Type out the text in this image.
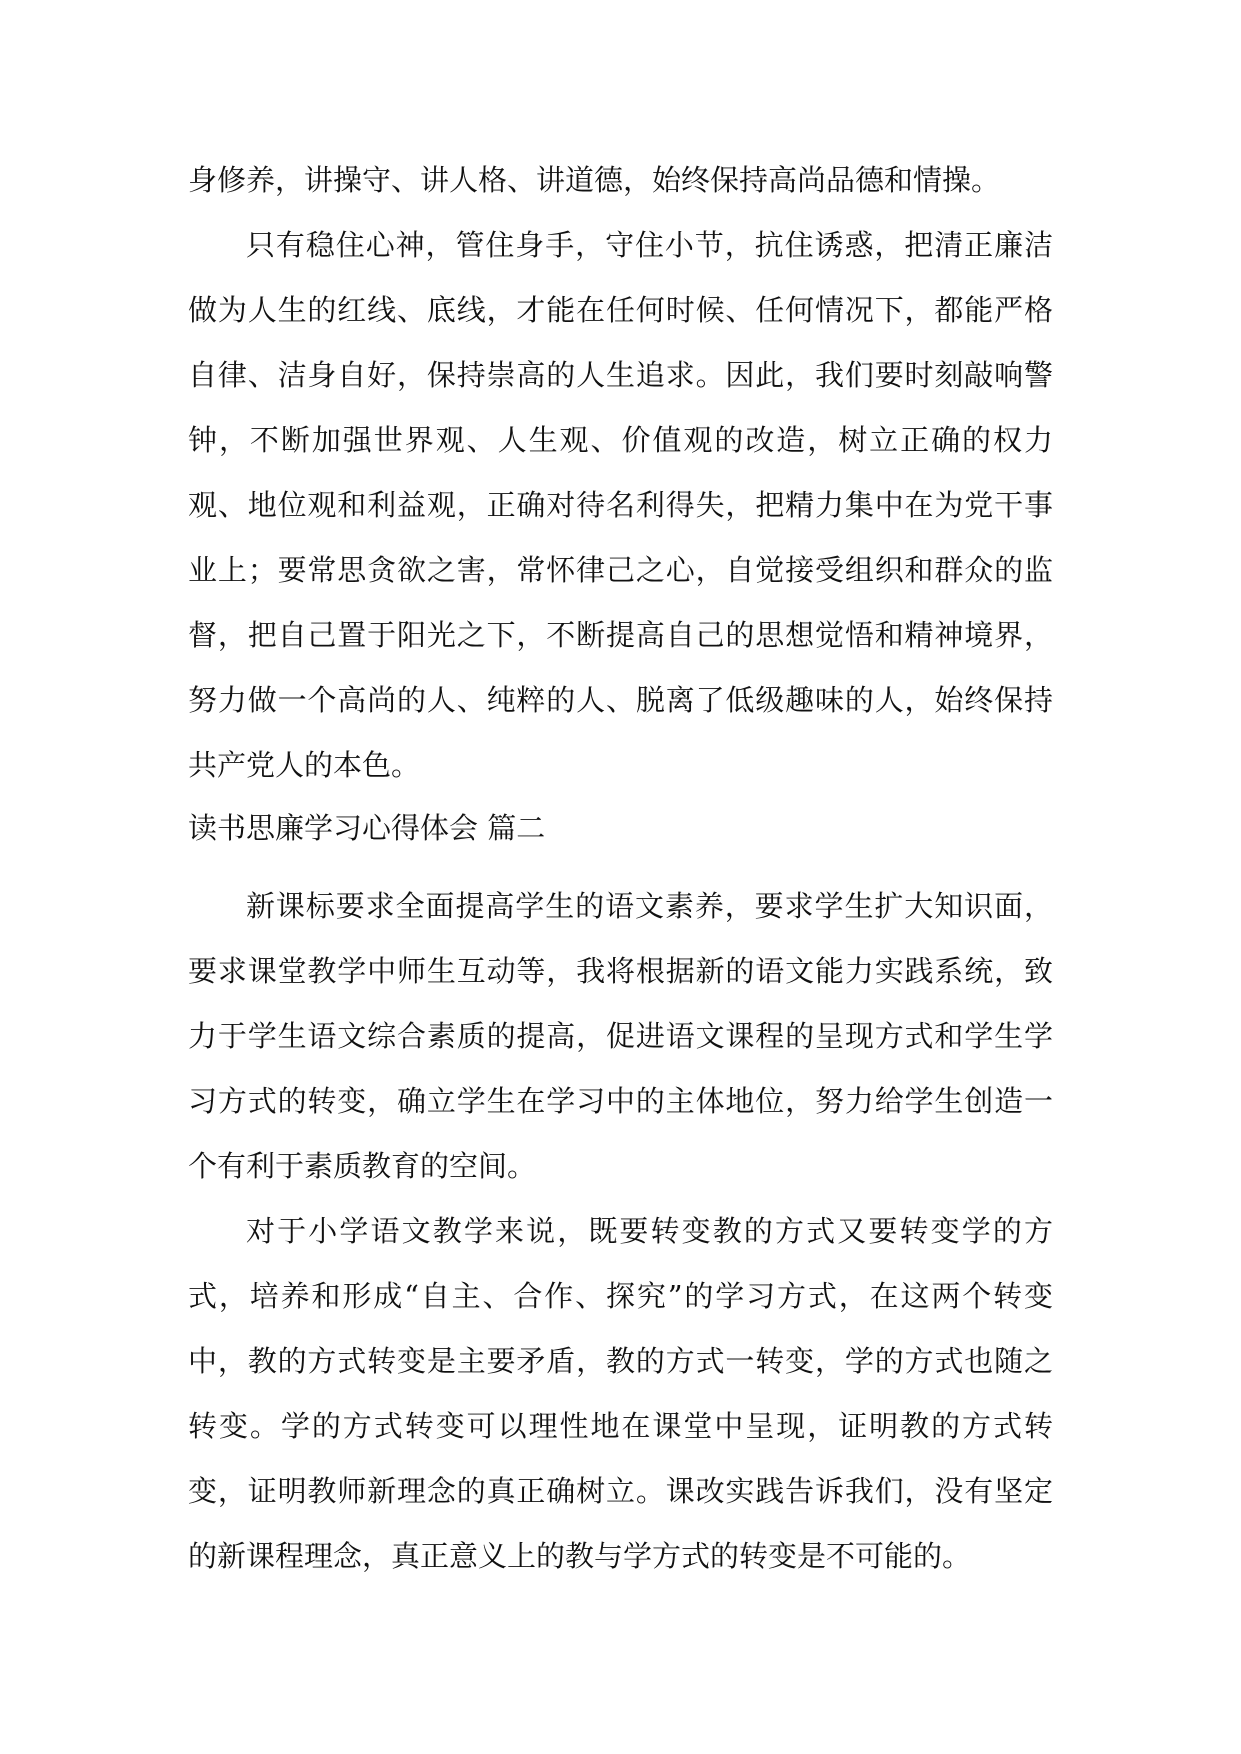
身修养，讲操守、讲人格、讲道德，始终保持高尚品德和情操。

只有稳住心神，管住身手，守住小节，抗住诱惑，把清正廉洁做为人生的红线、底线，才能在任何时候、任何情况下，都能严格自律、洁身自好，保持崇高的人生追求。因此，我们要时刻敲响警钟，不断加强世界观、人生观、价值观的改造，树立正确的权力观、地位观和利益观，正确对待名利得失，把精力集中在为党干事业上；要常思贪欲之害，常怀律己之心，自觉接受组织和群众的监督，把自己置于阳光之下，不断提高自己的思想觉悟和精神境界，努力做一个高尚的人、纯粹的人、脱离了低级趣味的人，始终保持共产党人的本色。

读书思廉学习心得体会 篇二

新课标要求全面提高学生的语文素养，要求学生扩大知识面，要求课堂教学中师生互动等，我将根据新的语文能力实践系统，致力于学生语文综合素质的提高，促进语文课程的呈现方式和学生学习方式的转变，确立学生在学习中的主体地位，努力给学生创造一个有利于素质教育的空间。

对于小学语文教学来说，既要转变教的方式又要转变学的方式，培养和形成“自主、合作、探究”的学习方式，在这两个转变中，教的方式转变是主要矛盾，教的方式一转变，学的方式也随之转变。学的方式转变可以理性地在课堂中呈现，证明教的方式转变，证明教师新理念的真正确树立。课改实践告诉我们，没有坚定的新课程理念，真正意义上的教与学方式的转变是不可能的。
